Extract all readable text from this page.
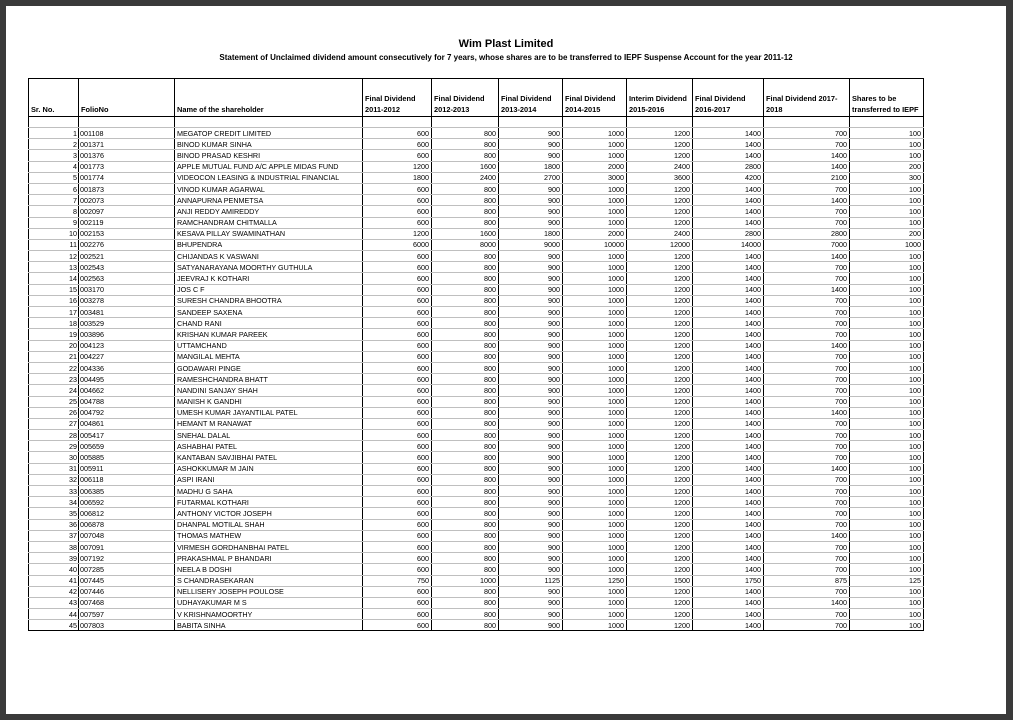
Wim Plast Limited
Statement of Unclaimed dividend amount consecutively for 7 years, whose shares are to be transferred to IEPF Suspense Account for the year 2011-12
Sr. No.	FolioNo	Name of the shareholder	Final Dividend 2011-2012	Final Dividend 2012-2013	Final Dividend 2013-2014	Final Dividend 2014-2015	Interim Dividend 2015-2016	Final Dividend 2016-2017	Final Dividend 2017-2018	Shares to be transferred to IEPF

1	001108	MEGATOP CREDIT LIMITED	600	800	900	1000	1200	1400	700	100
2	001371	BINOD KUMAR SINHA	600	800	900	1000	1200	1400	700	100
3	001376	BINOD PRASAD KESHRI	600	800	900	1000	1200	1400	1400	100
4	001773	APPLE MUTUAL FUND A/C APPLE MIDAS FUND	1200	1600	1800	2000	2400	2800	1400	200
5	001774	VIDEOCON LEASING & INDUSTRIAL FINANCIAL	1800	2400	2700	3000	3600	4200	2100	300
6	001873	VINOD KUMAR AGARWAL	600	800	900	1000	1200	1400	700	100
7	002073	ANNAPURNA PENMETSA	600	800	900	1000	1200	1400	1400	100
8	002097	ANJI REDDY AMIREDDY	600	800	900	1000	1200	1400	700	100
9	002119	RAMCHANDRAM CHITMALLA	600	800	900	1000	1200	1400	700	100
10	002153	KESAVA PILLAY SWAMINATHAN	1200	1600	1800	2000	2400	2800	2800	200
11	002276	BHUPENDRA	6000	8000	9000	10000	12000	14000	7000	1000
12	002521	CHIJANDAS K VASWANI	600	800	900	1000	1200	1400	1400	100
13	002543	SATYANARAYANA MOORTHY GUTHULA	600	800	900	1000	1200	1400	700	100
14	002563	JEEVRAJ K KOTHARI	600	800	900	1000	1200	1400	700	100
15	003170	JOS C F	600	800	900	1000	1200	1400	1400	100
16	003278	SURESH CHANDRA BHOOTRA	600	800	900	1000	1200	1400	700	100
17	003481	SANDEEP SAXENA	600	800	900	1000	1200	1400	700	100
18	003529	CHAND RANI	600	800	900	1000	1200	1400	700	100
19	003896	KRISHAN KUMAR PAREEK	600	800	900	1000	1200	1400	700	100
20	004123	UTTAMCHAND	600	800	900	1000	1200	1400	1400	100
21	004227	MANGILAL MEHTA	600	800	900	1000	1200	1400	700	100
22	004336	GODAWARI PINGE	600	800	900	1000	1200	1400	700	100
23	004495	RAMESHCHANDRA BHATT	600	800	900	1000	1200	1400	700	100
24	004662	NANDINI SANJAY SHAH	600	800	900	1000	1200	1400	700	100
25	004788	MANISH K GANDHI	600	800	900	1000	1200	1400	700	100
26	004792	UMESH KUMAR JAYANTILAL PATEL	600	800	900	1000	1200	1400	1400	100
27	004861	HEMANT M RANAWAT	600	800	900	1000	1200	1400	700	100
28	005417	SNEHAL DALAL	600	800	900	1000	1200	1400	700	100
29	005659	ASHABHAI PATEL	600	800	900	1000	1200	1400	700	100
30	005885	KANTABAN SAVJIBHAI PATEL	600	800	900	1000	1200	1400	700	100
31	005911	ASHOKKUMAR M JAIN	600	800	900	1000	1200	1400	1400	100
32	006118	ASPI IRANI	600	800	900	1000	1200	1400	700	100
33	006385	MADHU G SAHA	600	800	900	1000	1200	1400	700	100
34	006592	FUTARMAL KOTHARI	600	800	900	1000	1200	1400	700	100
35	006812	ANTHONY VICTOR JOSEPH	600	800	900	1000	1200	1400	700	100
36	006878	DHANPAL MOTILAL SHAH	600	800	900	1000	1200	1400	700	100
37	007048	THOMAS MATHEW	600	800	900	1000	1200	1400	1400	100
38	007091	VIRMESH GORDHANBHAI PATEL	600	800	900	1000	1200	1400	700	100
39	007192	PRAKASHMAL P BHANDARI	600	800	900	1000	1200	1400	700	100
40	007285	NEELA B DOSHI	600	800	900	1000	1200	1400	700	100
41	007445	S CHANDRASEKARAN	750	1000	1125	1250	1500	1750	875	125
42	007446	NELLISERY JOSEPH POULOSE	600	800	900	1000	1200	1400	700	100
43	007468	UDHAYAKUMAR M S	600	800	900	1000	1200	1400	1400	100
44	007597	V KRISHNAMOORTHY	600	800	900	1000	1200	1400	700	100
45	007803	BABITA SINHA	600	800	900	1000	1200	1400	700	100
